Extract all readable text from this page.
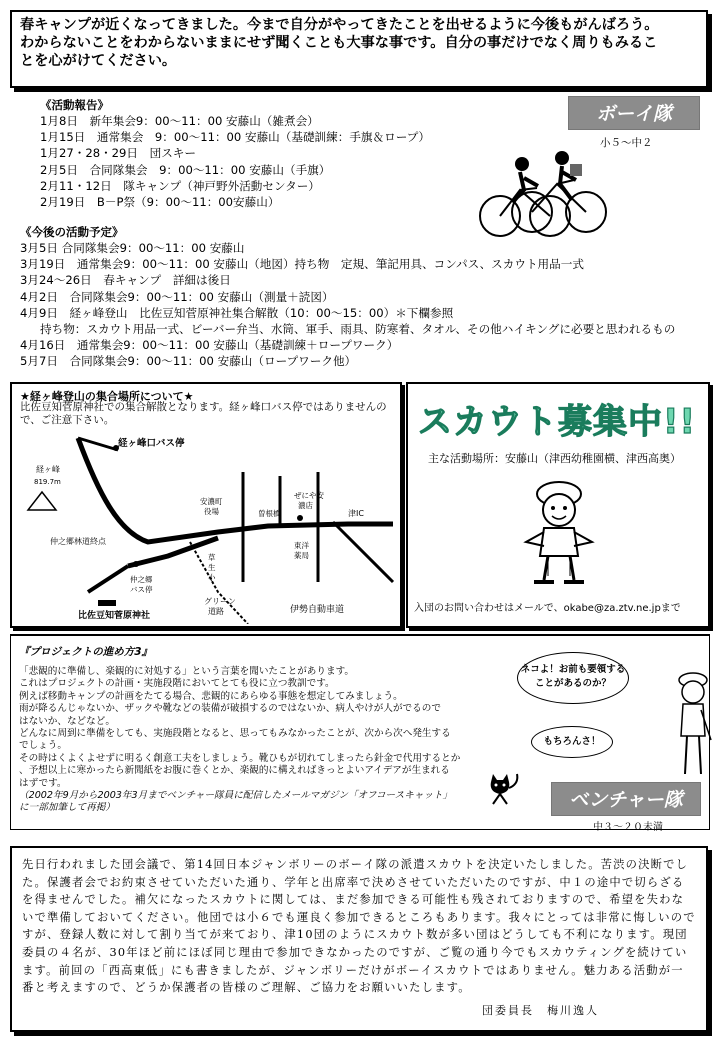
春キャンプが近くなってきました。今まで自分がやってきたことを出せるように今後もがんばろう。

わからないことをわからないままにせず聞くことも大事な事です。自分の事だけでなく周りもみるこ

とを心がけてください。

《活動報告》
1月8日　新年集会9：00～11：00 安藤山（雑煮会）
1月15日　通常集会　9：00～11：00 安藤山（基礎訓練：手旗＆ロープ）
1月27・28・29日　団スキー
2月5日　合同隊集会　9：00～11：00 安藤山（手旗）
2月11・12日　隊キャンプ（神戸野外活動センター）
2月19日　B－P祭（9：00～11：00安藤山）
ボーイ隊
小５～中２
《今後の活動予定》
3月5日 合同隊集会9：00～11：00 安藤山
3月19日　通常集会9：00～11：00 安藤山（地図）持ち物　定規、筆記用具、コンパス、スカウト用品一式
3月24～26日　春キャンプ　詳細は後日
4月2日　合同隊集会9：00～11：00 安藤山（測量＋読図）
4月9日　経ヶ峰登山　比佐豆知菅原神社集合解散（10：00～15：00）＊下欄参照
持ち物：スカウト用品一式、ビーバー弁当、水筒、軍手、雨具、防寒着、タオル、その他ハイキングに必要と思われるもの
4月16日　通常集会9：00～11：00 安藤山（基礎訓練＋ロープワーク）
5月7日　合同隊集会9：00～11：00 安藤山（ロープワーク他）
★経ヶ峰登山の集合場所について★
比佐豆知菅原神社での集合解散となります。経ヶ峰口バス停ではありませんので、ご注意下さい。
経ヶ峰口バス停
経ヶ峰
819.7m
仲之郷林道終点
比佐豆知菅原神社
仲之郷
バス停
安濃町
役場
草
生
小
グリーン
道路
曽根橋
ぜにや安
濃店
東洋
薬局
津IC
伊勢自動車道
スカウト募集中!!
主な活動場所：安藤山（津西幼稚園横、津西高奥）
入団のお問い合わせはメールで、okabe@za.ztv.ne.jpまで
『プロジェクトの進め方3』
「悲観的に準備し、楽観的に対処する」という言葉を聞いたことがあります。
これはプロジェクトの計画・実施段階においてとても役に立つ教訓です。
例えば移動キャンプの計画をたてる場合、悲観的にあらゆる事態を想定してみましょう。
雨が降るんじゃないか、ザックや靴などの装備が破損するのではないか、病人やけが人がでるので
はないか、などなど。
どんなに周到に準備をしても、実施段階となると、思ってもみなかったことが、次から次へ発生する
でしょう。
その時はくよくよせずに明るく創意工夫をしましょう。靴ひもが切れてしまったら針金で代用するとか
、予想以上に寒かったら新聞紙をお腹に巻くとか、楽観的に構えればきっとよいアイデアが生まれる
はずです。
（2002年9月から2003年3月までベンチャー隊員に配信したメールマガジン「オフコースキャット」
に一部加筆して再掲）
ネコよ！お前も要領することがあるのか？
もちろんさ！
ベンチャー隊
中３～２０未満

先日行われました団会議で、第14回日本ジャンボリーのボーイ隊の派遣スカウトを決定いたしました。苦渋の決断でした。保護者会でお約束させていただいた通り、学年と出席率で決めさせていただいたのですが、中１の途中で切らざるを得ませんでした。補欠になったスカウトに関しては、まだ参加できる可能性も残されておりますので、希望を失わないで準備しておいてください。他団では小６でも運良く参加できるところもあります。我々にとっては非常に悔しいのですが、登録人数に対して割り当てが来ており、津10団のようにスカウト数が多い団はどうしても不利になります。現団委員の４名が、30年ほど前にほぼ同じ理由で参加できなかったのですが、ご覧の通り今でもスカウティングを続けています。前回の「西高東低」にも書きましたが、ジャンボリーだけがボーイスカウトではありません。魅力ある活動が一番と考えますので、どうか保護者の皆様のご理解、ご協力をお願いいたします。

団委員長　梅川逸人
